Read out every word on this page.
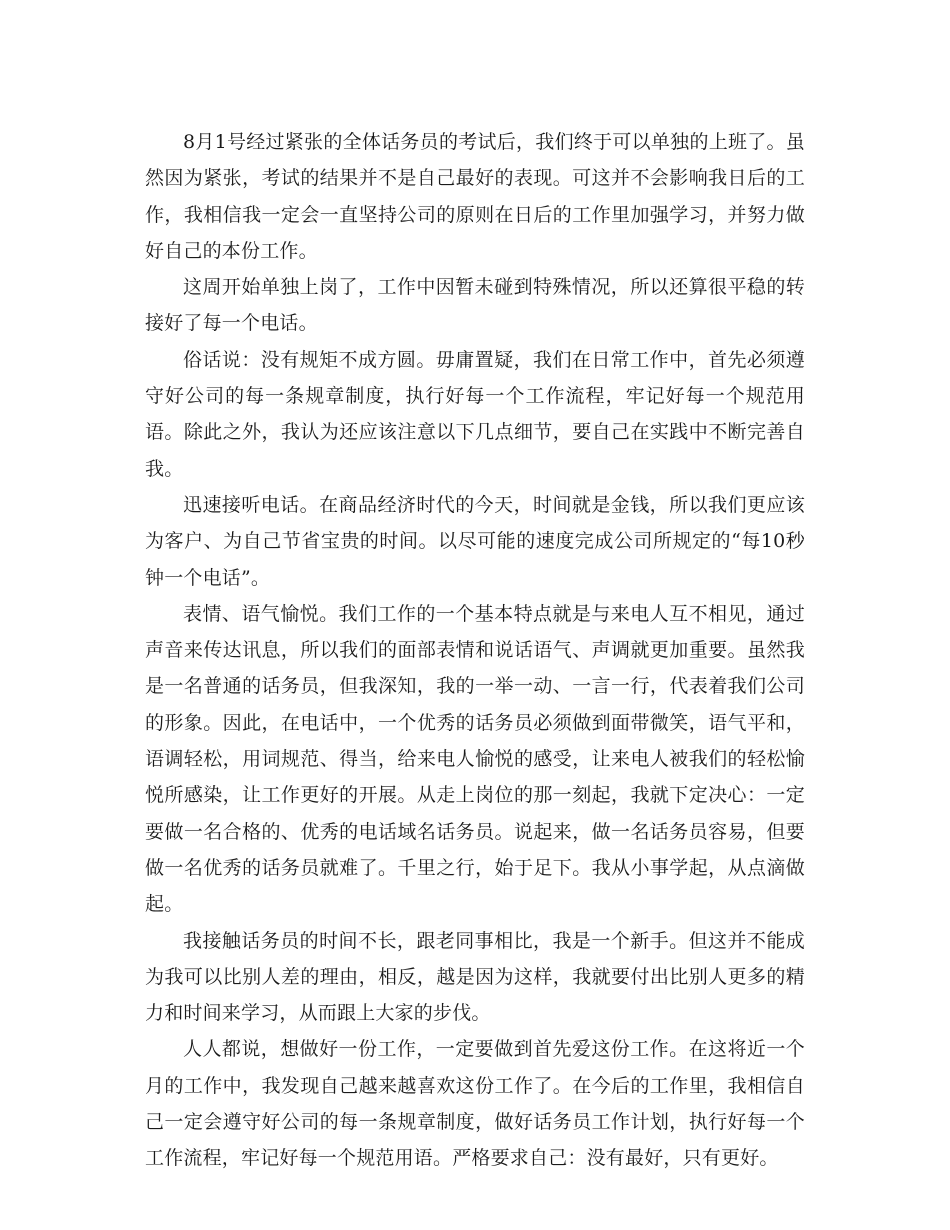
8月1号经过紧张的全体话务员的考试后，我们终于可以单独的上班了。虽然因为紧张，考试的结果并不是自己最好的表现。可这并不会影响我日后的工作，我相信我一定会一直坚持公司的原则在日后的工作里加强学习，并努力做好自己的本份工作。

这周开始单独上岗了，工作中因暂未碰到特殊情况，所以还算很平稳的转接好了每一个电话。

俗话说：没有规矩不成方圆。毋庸置疑，我们在日常工作中，首先必须遵守好公司的每一条规章制度，执行好每一个工作流程，牢记好每一个规范用语。除此之外，我认为还应该注意以下几点细节，要自己在实践中不断完善自我。

迅速接听电话。在商品经济时代的今天，时间就是金钱，所以我们更应该为客户、为自己节省宝贵的时间。以尽可能的速度完成公司所规定的“每10秒钟一个电话”。

表情、语气愉悦。我们工作的一个基本特点就是与来电人互不相见，通过声音来传达讯息，所以我们的面部表情和说话语气、声调就更加重要。虽然我是一名普通的话务员，但我深知，我的一举一动、一言一行，代表着我们公司的形象。因此，在电话中，一个优秀的话务员必须做到面带微笑，语气平和，语调轻松，用词规范、得当，给来电人愉悦的感受，让来电人被我们的轻松愉悦所感染，让工作更好的开展。从走上岗位的那一刻起，我就下定决心：一定要做一名合格的、优秀的电话域名话务员。说起来，做一名话务员容易，但要做一名优秀的话务员就难了。千里之行，始于足下。我从小事学起，从点滴做起。

我接触话务员的时间不长，跟老同事相比，我是一个新手。但这并不能成为我可以比别人差的理由，相反，越是因为这样，我就要付出比别人更多的精力和时间来学习，从而跟上大家的步伐。

人人都说，想做好一份工作，一定要做到首先爱这份工作。在这将近一个月的工作中，我发现自己越来越喜欢这份工作了。在今后的工作里，我相信自己一定会遵守好公司的每一条规章制度，做好话务员工作计划，执行好每一个工作流程，牢记好每一个规范用语。严格要求自己：没有最好，只有更好。
